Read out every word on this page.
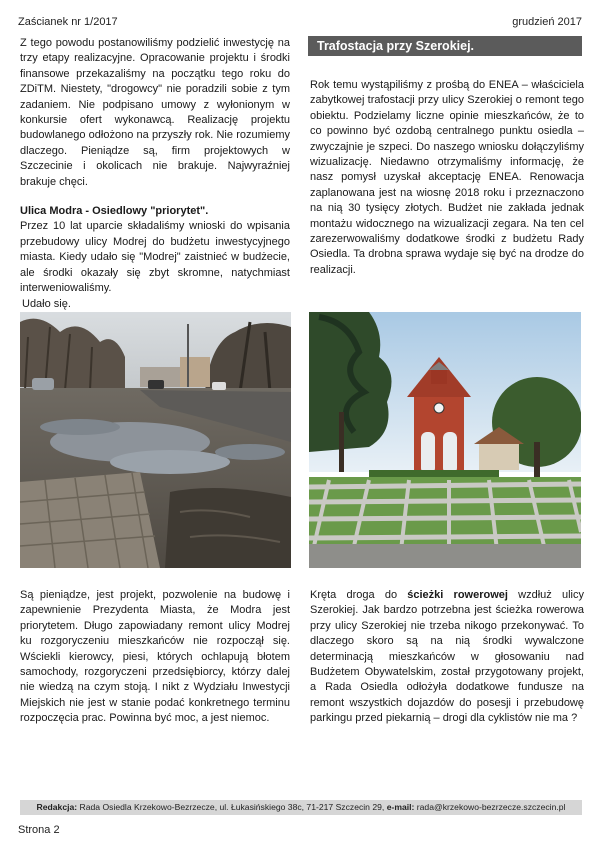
Zaścianek nr 1/2017	grudzień 2017

Z tego powodu postanowiliśmy podzielić inwestycję na trzy etapy realizacyjne. Opracowanie projektu i środki finansowe przekazaliśmy na początku tego roku do ZDiTM. Niestety, "drogowcy" nie poradzili sobie z tym zadaniem. Nie podpisano umowy z wyłonionym w konkursie ofert wykonawcą. Realizację projektu budowlanego odłożono na przyszły rok. Nie rozumiemy dlaczego. Pieniądze są, firm projektowych w Szczecinie i okolicach nie brakuje. Najwyraźniej brakuje chęci.

Ulica Modra - Osiedlowy "priorytet".

Przez 10 lat uparcie składaliśmy wnioski do wpisania przebudowy ulicy Modrej do budżetu inwestycyjnego miasta. Kiedy udało się "Modrej" zaistnieć w budżecie, ale środki okazały się zbyt skromne, natychmiast interweniowaliśmy.

Udało się.

Trafostacja przy Szerokiej.

Rok temu wystąpiliśmy z prośbą do ENEA – właściciela zabytkowej trafostacji przy ulicy Szerokiej o remont tego obiektu. Podzielamy liczne opinie mieszkańców, że to co powinno być ozdobą centralnego punktu osiedla – zwyczajnie je szpeci. Do naszego wniosku dołączyliśmy wizualizację. Niedawno otrzymaliśmy informację, że nasz pomysł uzyskał akceptację ENEA. Renowacja zaplanowana jest na wiosnę 2018 roku i przeznaczono na nią 30 tysięcy złotych. Budżet nie zakłada jednak montażu widocznego na wizualizacji zegara. Na ten cel zarezerwowaliśmy dodatkowe środki z budżetu Rady Osiedla. Ta drobna sprawa wydaje się być na drodze do realizacji.

Są pieniądze, jest projekt, pozwolenie na budowę i zapewnienie Prezydenta Miasta, że Modra jest priorytetem. Długo zapowiadany remont ulicy Modrej ku rozgoryczeniu mieszkańców nie rozpoczął się. Wściekli kierowcy, piesi, których ochlapują błotem samochody, rozgoryczeni przedsiębiorcy, którzy dalej nie wiedzą na czym stoją. I nikt z Wydziału Inwestycji Miejskich nie jest w stanie podać konkretnego terminu rozpoczęcia prac. Powinna być moc, a jest niemoc.

Kręta droga do ścieżki rowerowej wzdłuż ulicy Szerokiej. Jak bardzo potrzebna jest ścieżka rowerowa przy ulicy Szerokiej nie trzeba nikogo przekonywać. To dlaczego skoro są na nią środki wywalczone determinacją mieszkańców w głosowaniu nad Budżetem Obywatelskim, został przygotowany projekt, a Rada Osiedla odłożyła dodatkowe fundusze na remont wszystkich dojazdów do posesji i przebudowę parkingu przed piekarnią – drogi dla cyklistów nie ma ?

Redakcja: Rada Osiedla Krzekowo-Bezrzecze, ul. Łukasińskiego 38c, 71-217 Szczecin 29, e-mail: rada@krzekowo-bezrzecze.szczecin.pl
Strona 2
